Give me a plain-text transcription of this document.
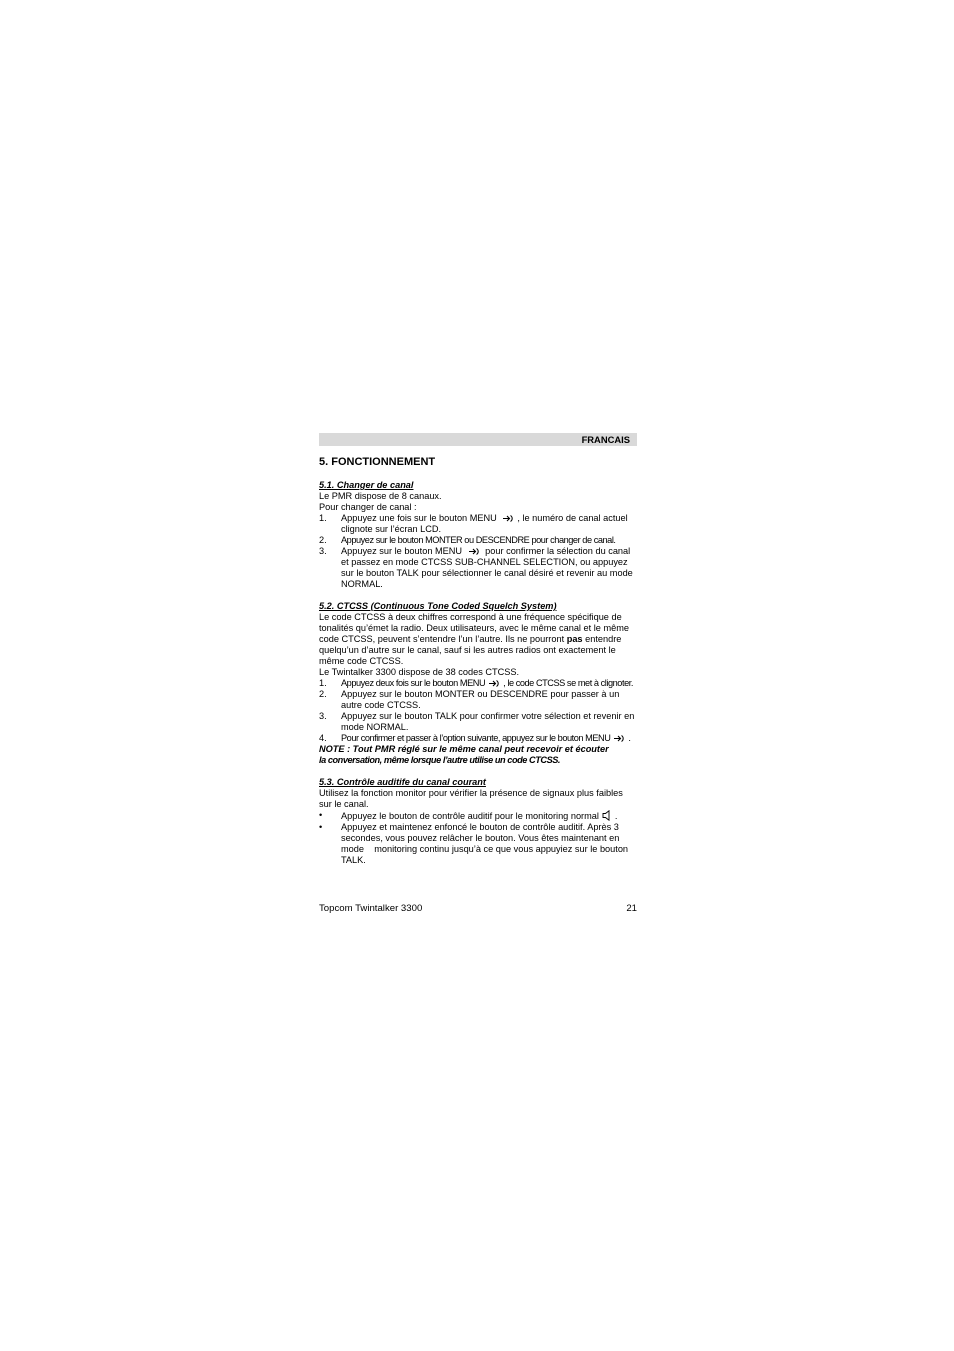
FRANCAIS
5. FONCTIONNEMENT
5.1. Changer de canal

Le PMR dispose de 8 canaux.

Pour changer de canal :

1.	Appuyez une fois sur le bouton MENU , le numéro de canal actuel clignote sur l’écran LCD.
2.	Appuyez sur le bouton MONTER ou DESCENDRE pour changer de canal.
3.	Appuyez sur le bouton MENU	pour confirmer la sélection du canal et passez en mode CTCSS SUB-CHANNEL SELECTION, ou appuyez sur le bouton TALK pour sélectionner le canal désiré et revenir au mode NORMAL.
5.2. CTCSS (Continuous Tone Coded Squelch System)

Le code CTCSS à deux chiffres correspond à une fréquence spécifique de tonalités qu’émet la radio. Deux utilisateurs, avec le même canal et le même code CTCSS, peuvent s’entendre l’un l’autre. Ils ne pourront pas entendre quelqu’un d’autre sur le canal, sauf si les autres radios ont exactement le même code CTCSS.

Le Twintalker 3300 dispose de 38 codes CTCSS.

1.	Appuyez deux fois sur le bouton MENU , le code CTCSS se met à clignoter.
2.	Appuyez sur le bouton MONTER ou DESCENDRE pour passer à un autre code CTCSS.
3.	Appuyez sur le bouton TALK pour confirmer votre sélection et revenir en mode NORMAL.
4.	Pour confirmer et passer à l’option suivante, appuyez sur le bouton MENU .

NOTE : Tout PMR réglé sur le même canal peut recevoir et écouter

la conversation, même lorsque l’autre utilise un code CTCSS.

5.3. Contrôle auditife du canal courant

Utilisez la fonction monitor pour vérifier la présence de signaux plus faibles sur le canal.

•	Appuyez le bouton de contrôle auditif pour le monitoring normal .
•	Appuyez et maintenez enfoncé le bouton de contrôle auditif. Après 3 secondes, vous pouvez relâcher le bouton. Vous êtes maintenant en mode monitoring continu jusqu’à ce que vous appuyiez sur le bouton TALK.
Topcom Twintalker 3300	21
